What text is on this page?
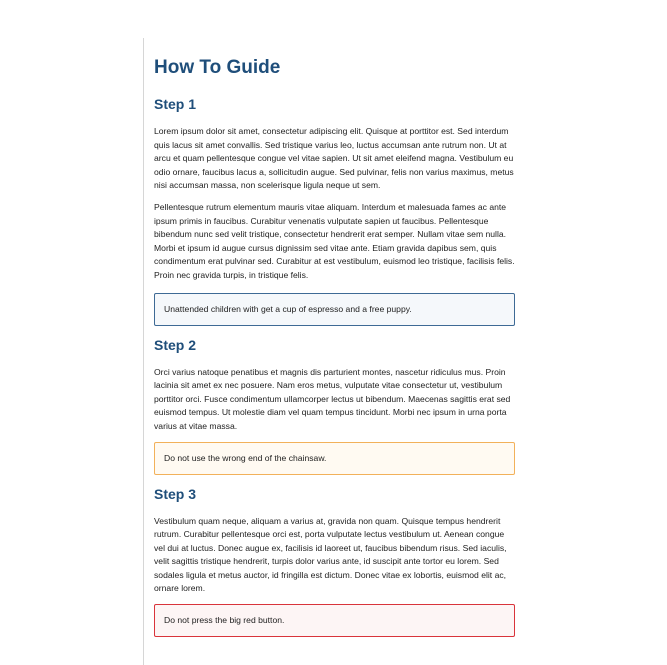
How To Guide
Step 1

Lorem ipsum dolor sit amet, consectetur adipiscing elit. Quisque at porttitor est. Sed interdum quis lacus sit amet convallis. Sed tristique varius leo, luctus accumsan ante rutrum non. Ut at arcu et quam pellentesque congue vel vitae sapien. Ut sit amet eleifend magna. Vestibulum eu odio ornare, faucibus lacus a, sollicitudin augue. Sed pulvinar, felis non varius maximus, metus nisi accumsan massa, non scelerisque ligula neque ut sem.

Pellentesque rutrum elementum mauris vitae aliquam. Interdum et malesuada fames ac ante ipsum primis in faucibus. Curabitur venenatis vulputate sapien ut faucibus. Pellentesque bibendum nunc sed velit tristique, consectetur hendrerit erat semper. Nullam vitae sem nulla. Morbi et ipsum id augue cursus dignissim sed vitae ante. Etiam gravida dapibus sem, quis condimentum erat pulvinar sed. Curabitur at est vestibulum, euismod leo tristique, facilisis felis. Proin nec gravida turpis, in tristique felis.

Unattended children with get a cup of espresso and a free puppy.
Step 2

Orci varius natoque penatibus et magnis dis parturient montes, nascetur ridiculus mus. Proin lacinia sit amet ex nec posuere. Nam eros metus, vulputate vitae consectetur ut, vestibulum porttitor orci. Fusce condimentum ullamcorper lectus ut bibendum. Maecenas sagittis erat sed euismod tempus. Ut molestie diam vel quam tempus tincidunt. Morbi nec ipsum in urna porta varius at vitae massa.

Do not use the wrong end of the chainsaw.
Step 3

Vestibulum quam neque, aliquam a varius at, gravida non quam. Quisque tempus hendrerit rutrum. Curabitur pellentesque orci est, porta vulputate lectus vestibulum ut. Aenean congue vel dui at luctus. Donec augue ex, facilisis id laoreet ut, faucibus bibendum risus. Sed iaculis, velit sagittis tristique hendrerit, turpis dolor varius ante, id suscipit ante tortor eu lorem. Sed sodales ligula et metus auctor, id fringilla est dictum. Donec vitae ex lobortis, euismod elit ac, ornare lorem.

Do not press the big red button.
